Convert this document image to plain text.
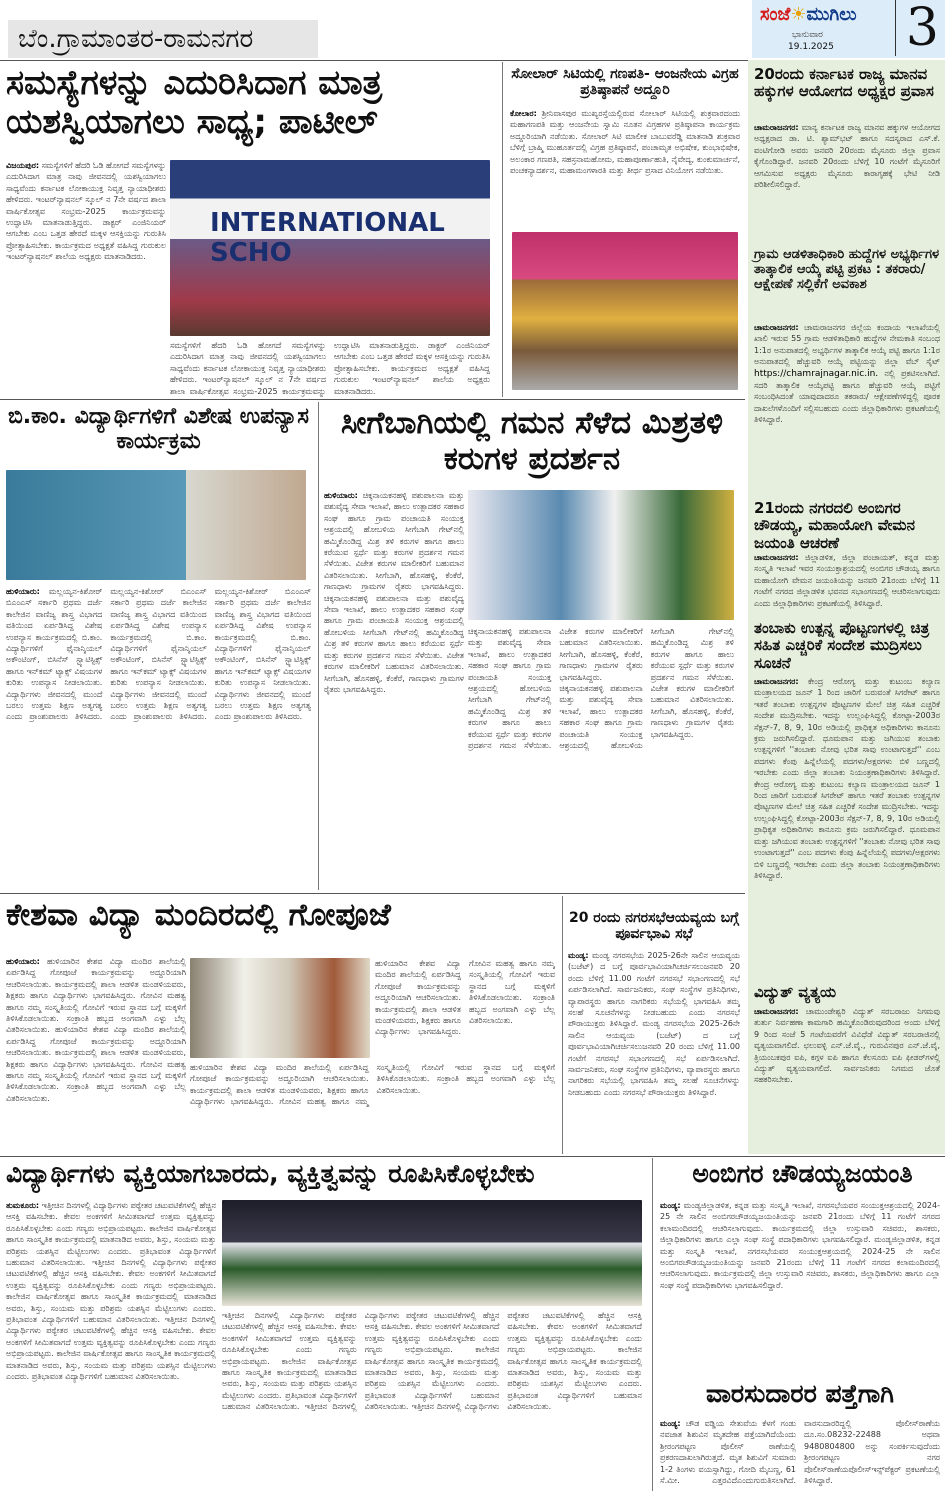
ಬೆಂ.ಗ್ರಾಮಾಂತರ-ರಾಮನಗರ
ಸಂಜೆ☀ಮುಗಿಲು
ಭಾನುವಾರ
19.1.2025 3
ಸಮಸ್ಯೆಗಳನ್ನು ಎದುರಿಸಿದಾಗ ಮಾತ್ರ ಯಶಸ್ವಿಯಾಗಲು ಸಾಧ್ಯ; ಪಾಟೀಲ್
ವಿಜಯಪುರ: ಸಮಸ್ಯೆಗಳಿಗೆ ಹೆದರಿ ಓಡಿ ಹೋಗದೆ ಸಮಸ್ಯೆಗಳನ್ನು ಎದುರಿಸಿದಾಗ ಮಾತ್ರ ನಾವು ಜೀವನದಲ್ಲಿ ಯಶಸ್ವಿಯಾಗಲು ಸಾಧ್ಯವೆಂದು ಕರ್ನಾಟಕ ಲೋಕಾಯುಕ್ತ ನಿವೃತ್ತ ನ್ಯಾಯಾಧೀಶರು ಹೇಳಿದರು. ಇಂಟರ್‌ನ್ಯಾಷನಲ್ ಸ್ಕೂಲ್ ನ 7ನೇ ವರ್ಷದ ಶಾಲಾ ವಾರ್ಷಿಕೋತ್ಸವ ಸಂಭ್ರಮ-2025 ಕಾರ್ಯಕ್ರಮವನ್ನು ಉದ್ಘಾಟಿಸಿ ಮಾತನಾಡುತ್ತಿದ್ದರು. ಡಾಕ್ಟರ್ ಎಂಜಿನಿಯರ್ ಆಗಬೇಕು ಎಂಬ ಒತ್ತಡ ಹೇರದೆ ಮಕ್ಕಳ ಆಸಕ್ತಿಯನ್ನು ಗುರುತಿಸಿ ಪ್ರೋತ್ಸಾಹಿಸಬೇಕು. ಕಾರ್ಯಕ್ರಮದ ಅಧ್ಯಕ್ಷತೆ ವಹಿಸಿದ್ದ ಗುರುಕುಲ ಇಂಟರ್‌ನ್ಯಾಷನಲ್ ಶಾಲೆಯ ಅಧ್ಯಕ್ಷರು ಮಾತನಾಡಿದರು.
INTERNATIONAL SCHO
ಸಮಸ್ಯೆಗಳಿಗೆ ಹೆದರಿ ಓಡಿ ಹೋಗದೆ ಸಮಸ್ಯೆಗಳನ್ನು ಎದುರಿಸಿದಾಗ ಮಾತ್ರ ನಾವು ಜೀವನದಲ್ಲಿ ಯಶಸ್ವಿಯಾಗಲು ಸಾಧ್ಯವೆಂದು ಕರ್ನಾಟಕ ಲೋಕಾಯುಕ್ತ ನಿವೃತ್ತ ನ್ಯಾಯಾಧೀಶರು ಹೇಳಿದರು. ಇಂಟರ್‌ನ್ಯಾಷನಲ್ ಸ್ಕೂಲ್ ನ 7ನೇ ವರ್ಷದ ಶಾಲಾ ವಾರ್ಷಿಕೋತ್ಸವ ಸಂಭ್ರಮ-2025 ಕಾರ್ಯಕ್ರಮವನ್ನು ಉದ್ಘಾಟಿಸಿ ಮಾತನಾಡುತ್ತಿದ್ದರು. ಡಾಕ್ಟರ್ ಎಂಜಿನಿಯರ್ ಆಗಬೇಕು ಎಂಬ ಒತ್ತಡ ಹೇರದೆ ಮಕ್ಕಳ ಆಸಕ್ತಿಯನ್ನು ಗುರುತಿಸಿ ಪ್ರೋತ್ಸಾಹಿಸಬೇಕು. ಕಾರ್ಯಕ್ರಮದ ಅಧ್ಯಕ್ಷತೆ ವಹಿಸಿದ್ದ ಗುರುಕುಲ ಇಂಟರ್‌ನ್ಯಾಷನಲ್ ಶಾಲೆಯ ಅಧ್ಯಕ್ಷರು ಮಾತನಾಡಿದರು.
ಸೋಲಾರ್ ಸಿಟಿಯಲ್ಲಿ ಗಣಪತಿ- ಆಂಜನೇಯ ವಿಗ್ರಹ ಪ್ರತಿಷ್ಠಾಪನೆ ಅದ್ದೂರಿ
ಕೋಲಾರ: ಶ್ರೀನಿವಾಸಪುರ ಮುಖ್ಯರಸ್ತೆಯಲ್ಲಿರುವ ಸೋಲಾರ್ ಸಿಟಿಯಲ್ಲಿ ಶುಕ್ರವಾರದಂದು ಮಹಾಗಣಪತಿ ಮತ್ತು ಆಂಜನೇಯ ಸ್ವಾಮಿ ನೂತನ ವಿಗ್ರಹಗಳ ಪ್ರತಿಷ್ಠಾಪನಾ ಕಾರ್ಯಕ್ರಮ ಅದ್ದೂರಿಯಾಗಿ ನಡೆಯಿತು. ಸೋಲಾರ್ ಸಿಟಿ ಮಾಲೀಕ ಬಾಬುವರೆಡ್ಡಿ ಮಾತನಾಡಿ ಶುಕ್ರವಾರ ಬೆಳಿಗ್ಗೆ ಬ್ರಾಹ್ಮಿ ಮುಹೂರ್ತದಲ್ಲಿ ವಿಗ್ರಹ ಪ್ರತಿಷ್ಠಾಪನೆ, ಪಂಚಾಮೃತ ಅಭಿಷೇಕ, ಕುಂಭಾಭಿಷೇಕ, ಅಲಂಕಾರ ಗಣಪತಿ, ಸಹಸ್ರನಾಮಹೋಮ, ಮಹಾಪೂರ್ಣಾಹುತಿ, ನೈವೇದ್ಯ, ಕುಂಕುಮಾರ್ಚನೆ, ಪಂಚಕನ್ಯಾದರ್ಶನ, ಮಹಾಮಂಗಳಾರತಿ ಮತ್ತು ತೀರ್ಥ ಪ್ರಸಾದ ವಿನಿಯೋಗ ನಡೆಯಿತು.
20ರಂದು ಕರ್ನಾಟಕ ರಾಜ್ಯ ಮಾನವ ಹಕ್ಕುಗಳ ಆಯೋಗದ ಅಧ್ಯಕ್ಷರ ಪ್ರವಾಸ
ಚಾಮರಾಜನಗರ: ಮಾನ್ಯ ಕರ್ನಾಟಕ ರಾಜ್ಯ ಮಾನವ ಹಕ್ಕುಗಳ ಆಯೋಗದ ಅಧ್ಯಕ್ಷರಾದ ಡಾ. ಟಿ. ಶ್ಯಾಮ್‌ಭಟ್ ಹಾಗೂ ಸದಸ್ಯರಾದ ಎಸ್.ಕೆ. ವಂಟಿಗೋಡಿ ಅವರು ಜನವರಿ 20ರಂದು ಮೈಸೂರು ಜಿಲ್ಲಾ ಪ್ರವಾಸ ಕೈಗೊಂಡಿದ್ದಾರೆ. ಜನವರಿ 20ರಂದು ಬೆಳಿಗ್ಗೆ 10 ಗಂಟೆಗೆ ಮೈಸೂರಿಗೆ ಆಗಮಿಸುವ ಅಧ್ಯಕ್ಷರು ಮೈಸೂರು ಕಾರಾಗೃಹಕ್ಕೆ ಭೇಟಿ ನೀಡಿ ಪರಿಶೀಲಿಸಲಿದ್ದಾರೆ.
ಗ್ರಾಮ ಆಡಳಿತಾಧಿಕಾರಿ ಹುದ್ದೆಗಳ ಅಭ್ಯರ್ಥಿಗಳ ತಾತ್ಕಾಲಿಕ ಆಯ್ಕೆ ಪಟ್ಟಿ ಪ್ರಕಟ : ತಕರಾರು/ ಆಕ್ಷೇಪಣೆ ಸಲ್ಲಿಕೆಗೆ ಅವಕಾಶ
ಚಾಮರಾಜನಗರ: ಚಾಮರಾಜನಗರ ಜಿಲ್ಲೆಯ ಕಂದಾಯ ಇಲಾಖೆಯಲ್ಲಿ ಖಾಲಿ ಇರುವ 55 ಗ್ರಾಮ ಆಡಳಿತಾಧಿಕಾರಿ ಹುದ್ದೆಗಳ ನೇಮಕಾತಿ ಸಂಬಂಧ 1:1ರ ಅನುಪಾತದಲ್ಲಿ ಅಭ್ಯರ್ಥಿಗಳ ತಾತ್ಕಾಲಿಕ ಆಯ್ಕೆ ಪಟ್ಟಿ ಹಾಗೂ 1:1ರ ಅನುಪಾತದಲ್ಲಿ ಹೆಚ್ಚುವರಿ ಆಯ್ಕೆ ಪಟ್ಟಿಯನ್ನು ಜಿಲ್ಲಾ ವೆಬ್ ಸೈಟ್ https://chamrajnagar.nic.in. ನಲ್ಲಿ ಪ್ರಕಟಿಸಲಾಗಿದೆ. ಸದರಿ ತಾತ್ಕಾಲಿಕ ಆಯ್ಕೆಪಟ್ಟಿ ಹಾಗೂ ಹೆಚ್ಚುವರಿ ಆಯ್ಕೆ ಪಟ್ಟಿಗೆ ಸಂಬಂಧಿಸಿದಂತೆ ಯಾವುದಾದರೂ ತಕರಾರು/ ಆಕ್ಷೇಪಣೆಗಳಿದ್ದಲ್ಲಿ ಪೂರಕ ದಾಖಲೆಗಳೊಂದಿಗೆ ಸಲ್ಲಿಸಬಹುದು ಎಂದು ಜಿಲ್ಲಾಧಿಕಾರಿಗಳು ಪ್ರಕಟಣೆಯಲ್ಲಿ ತಿಳಿಸಿದ್ದಾರೆ.
21ರಂದು ನಗರದಲಿ ಅಂಬಿಗರ ಚೌಡಯ್ಯ, ಮಹಾಯೋಗಿ ವೇಮನ ಜಯಂತಿ ಆಚರಣೆ
ಚಾಮರಾಜನಗರ: ಜಿಲ್ಲಾಡಳಿತ, ಜಿಲ್ಲಾ ಪಂಚಾಯತ್, ಕನ್ನಡ ಮತ್ತು ಸಂಸ್ಕೃತಿ ಇಲಾಖೆ ಇವರ ಸಂಯುಕ್ತಾಶ್ರಯದಲ್ಲಿ ಅಂಬಿಗರ ಚೌಡಯ್ಯ ಹಾಗೂ ಮಹಾಯೋಗಿ ವೇಮನ ಜಯಂತಿಯನ್ನು ಜನವರಿ 21ರಂದು ಬೆಳಿಗ್ಗೆ 11 ಗಂಟೆಗೆ ನಗರದ ಜಿಲ್ಲಾಡಳಿತ ಭವನದ ಸಭಾಂಗಣದಲ್ಲಿ ಆಚರಿಸಲಾಗುವುದು ಎಂದು ಜಿಲ್ಲಾಧಿಕಾರಿಗಳು ಪ್ರಕಟಣೆಯಲ್ಲಿ ತಿಳಿಸಿದ್ದಾರೆ.
ತಂಬಾಕು ಉತ್ಪನ್ನ ಪೊಟ್ಟಣಗಳಲ್ಲಿ ಚಿತ್ರ ಸಹಿತ ಎಚ್ಚರಿಕೆ ಸಂದೇಶ ಮುದ್ರಿಸಲು ಸೂಚನೆ
ಚಾಮರಾಜನಗರ: ಕೇಂದ್ರ ಆರೋಗ್ಯ ಮತ್ತು ಕುಟುಂಬ ಕಲ್ಯಾಣ ಮಂತ್ರಾಲಯದ ಜೂನ್ 1 ರಿಂದ ಜಾರಿಗೆ ಬರುವಂತೆ ಸಿಗರೇಟ್ ಹಾಗೂ ಇತರೆ ತಂಬಾಕು ಉತ್ಪನ್ನಗಳ ಪೊಟ್ಟಣಗಳ ಮೇಲೆ ಚಿತ್ರ ಸಹಿತ ಎಚ್ಚರಿಕೆ ಸಂದೇಶ ಮುದ್ರಿಸಬೇಕು. ಇದನ್ನು ಉಲ್ಲಂಘಿಸಿದ್ದಲ್ಲಿ ಕೋಟ್ಪಾ-2003ರ ಸೆಕ್ಷನ್-7, 8, 9, 10ರ ಅಡಿಯಲ್ಲಿ ಪ್ರಾಧಿಕೃತ ಅಧಿಕಾರಿಗಳು ಕಾನೂನು ಕ್ರಮ ಜರುಗಿಸಲಿದ್ದಾರೆ. ಧೂಮಪಾನ ಮತ್ತು ಜಗಿಯುವ ತಂಬಾಕು ಉತ್ಪನ್ನಗಳಿಗೆ ''ತಂಬಾಕು ನೋವು ಭರಿತ ಸಾವು ಉಂಟಾಗುತ್ತದೆ'' ಎಂಬ ಪದಗಳು ಕೆಂಪು ಹಿನ್ನೆಲೆಯಲ್ಲಿ ಪದಗಳು/ಅಕ್ಷರಗಳು ಬಿಳಿ ಬಣ್ಣದಲ್ಲಿ ಇರಬೇಕು ಎಂದು ಜಿಲ್ಲಾ ತಂಬಾಕು ನಿಯಂತ್ರಣಾಧಿಕಾರಿಗಳು ತಿಳಿಸಿದ್ದಾರೆ. ಕೇಂದ್ರ ಆರೋಗ್ಯ ಮತ್ತು ಕುಟುಂಬ ಕಲ್ಯಾಣ ಮಂತ್ರಾಲಯದ ಜೂನ್ 1 ರಿಂದ ಜಾರಿಗೆ ಬರುವಂತೆ ಸಿಗರೇಟ್ ಹಾಗೂ ಇತರೆ ತಂಬಾಕು ಉತ್ಪನ್ನಗಳ ಪೊಟ್ಟಣಗಳ ಮೇಲೆ ಚಿತ್ರ ಸಹಿತ ಎಚ್ಚರಿಕೆ ಸಂದೇಶ ಮುದ್ರಿಸಬೇಕು. ಇದನ್ನು ಉಲ್ಲಂಘಿಸಿದ್ದಲ್ಲಿ ಕೋಟ್ಪಾ-2003ರ ಸೆಕ್ಷನ್-7, 8, 9, 10ರ ಅಡಿಯಲ್ಲಿ ಪ್ರಾಧಿಕೃತ ಅಧಿಕಾರಿಗಳು ಕಾನೂನು ಕ್ರಮ ಜರುಗಿಸಲಿದ್ದಾರೆ. ಧೂಮಪಾನ ಮತ್ತು ಜಗಿಯುವ ತಂಬಾಕು ಉತ್ಪನ್ನಗಳಿಗೆ ''ತಂಬಾಕು ನೋವು ಭರಿತ ಸಾವು ಉಂಟಾಗುತ್ತದೆ'' ಎಂಬ ಪದಗಳು ಕೆಂಪು ಹಿನ್ನೆಲೆಯಲ್ಲಿ ಪದಗಳು/ಅಕ್ಷರಗಳು ಬಿಳಿ ಬಣ್ಣದಲ್ಲಿ ಇರಬೇಕು ಎಂದು ಜಿಲ್ಲಾ ತಂಬಾಕು ನಿಯಂತ್ರಣಾಧಿಕಾರಿಗಳು ತಿಳಿಸಿದ್ದಾರೆ.
ವಿದ್ಯುತ್ ವ್ಯತ್ಯಯ
ಚಾಮರಾಜನಗರ: ಚಾಮುಂಡೇಶ್ವರಿ ವಿದ್ಯುತ್ ಸರಬರಾಜು ನಿಗಮವು ತುರ್ತು ನಿರ್ವಹಣಾ ಕಾಮಗಾರಿ ಹಮ್ಮಿಕೊಂಡಿರುವುದರಿಂದ ಅಂದು ಬೆಳಿಗ್ಗೆ 9 ರಿಂದ ಸಂಜೆ 5 ಗಂಟೆಯವರೆಗೆ ವಿವಿಧೆಡೆ ವಿದ್ಯುತ್ ಸರಬರಾಜಿನಲ್ಲಿ ವ್ಯತ್ಯಯವಾಗಲಿದೆ. ಛಲುವಳ್ಳಿ ಎನ್.ಜೆ.ವೈ., ಗುರುವಿನಪುರ ಎನ್.ಜೆ.ವೈ, ತ್ರಿಯಂಬಕಪುರ ಐಪಿ, ಕಗ್ಗಳ ಐಪಿ ಹಾಗೂ ಕೆಲಸೂರು ಐಪಿ ಫೀಡರ್‌ಗಳಲ್ಲಿ ವಿದ್ಯುತ್ ವ್ಯತ್ಯಯವಾಗಲಿದೆ. ಸಾರ್ವಜನಿಕರು ನಿಗಮದ ಜೊತೆ ಸಹಕರಿಸಬೇಕು.
ಬಿ.ಕಾಂ. ವಿದ್ಯಾರ್ಥಿಗಳಿಗೆ ವಿಶೇಷ ಉಪನ್ಯಾಸ ಕಾರ್ಯಕ್ರಮ
ಹುಳಿಯಾರು: ಮಲ್ಲಯ್ಯನ-ಕಿಶೋರ್ ಬಿಎಂಎಸ್ ಸರ್ಕಾರಿ ಪ್ರಥಮ ದರ್ಜೆ ಕಾಲೇಜಿನ ವಾಣಿಜ್ಯ ಶಾಸ್ತ್ರ ವಿಭಾಗದ ವತಿಯಿಂದ ಏರ್ಪಡಿಸಿದ್ದ ವಿಶೇಷ ಉಪನ್ಯಾಸ ಕಾರ್ಯಕ್ರಮದಲ್ಲಿ ಬಿ.ಕಾಂ. ವಿದ್ಯಾರ್ಥಿಗಳಿಗೆ ಫೈನಾನ್ಶಿಯಲ್ ಅಕೌಂಟಿಂಗ್, ಬಿಸಿನೆಸ್ ಸ್ಟ್ಯಾಟಿಸ್ಟಿಕ್ಸ್ ಹಾಗೂ ಇನ್‌ಕಮ್ ಟ್ಯಾಕ್ಸ್ ವಿಷಯಗಳ ಕುರಿತು ಉಪನ್ಯಾಸ ನೀಡಲಾಯಿತು. ವಿದ್ಯಾರ್ಥಿಗಳು ಜೀವನದಲ್ಲಿ ಮುಂದೆ ಬರಲು ಉತ್ತಮ ಶಿಕ್ಷಣ ಅತ್ಯಗತ್ಯ ಎಂದು ಪ್ರಾಂಶುಪಾಲರು ತಿಳಿಸಿದರು. ಮಲ್ಲಯ್ಯನ-ಕಿಶೋರ್ ಬಿಎಂಎಸ್ ಸರ್ಕಾರಿ ಪ್ರಥಮ ದರ್ಜೆ ಕಾಲೇಜಿನ ವಾಣಿಜ್ಯ ಶಾಸ್ತ್ರ ವಿಭಾಗದ ವತಿಯಿಂದ ಏರ್ಪಡಿಸಿದ್ದ ವಿಶೇಷ ಉಪನ್ಯಾಸ ಕಾರ್ಯಕ್ರಮದಲ್ಲಿ ಬಿ.ಕಾಂ. ವಿದ್ಯಾರ್ಥಿಗಳಿಗೆ ಫೈನಾನ್ಶಿಯಲ್ ಅಕೌಂಟಿಂಗ್, ಬಿಸಿನೆಸ್ ಸ್ಟ್ಯಾಟಿಸ್ಟಿಕ್ಸ್ ಹಾಗೂ ಇನ್‌ಕಮ್ ಟ್ಯಾಕ್ಸ್ ವಿಷಯಗಳ ಕುರಿತು ಉಪನ್ಯಾಸ ನೀಡಲಾಯಿತು. ವಿದ್ಯಾರ್ಥಿಗಳು ಜೀವನದಲ್ಲಿ ಮುಂದೆ ಬರಲು ಉತ್ತಮ ಶಿಕ್ಷಣ ಅತ್ಯಗತ್ಯ ಎಂದು ಪ್ರಾಂಶುಪಾಲರು ತಿಳಿಸಿದರು. ಮಲ್ಲಯ್ಯನ-ಕಿಶೋರ್ ಬಿಎಂಎಸ್ ಸರ್ಕಾರಿ ಪ್ರಥಮ ದರ್ಜೆ ಕಾಲೇಜಿನ ವಾಣಿಜ್ಯ ಶಾಸ್ತ್ರ ವಿಭಾಗದ ವತಿಯಿಂದ ಏರ್ಪಡಿಸಿದ್ದ ವಿಶೇಷ ಉಪನ್ಯಾಸ ಕಾರ್ಯಕ್ರಮದಲ್ಲಿ ಬಿ.ಕಾಂ. ವಿದ್ಯಾರ್ಥಿಗಳಿಗೆ ಫೈನಾನ್ಶಿಯಲ್ ಅಕೌಂಟಿಂಗ್, ಬಿಸಿನೆಸ್ ಸ್ಟ್ಯಾಟಿಸ್ಟಿಕ್ಸ್ ಹಾಗೂ ಇನ್‌ಕಮ್ ಟ್ಯಾಕ್ಸ್ ವಿಷಯಗಳ ಕುರಿತು ಉಪನ್ಯಾಸ ನೀಡಲಾಯಿತು. ವಿದ್ಯಾರ್ಥಿಗಳು ಜೀವನದಲ್ಲಿ ಮುಂದೆ ಬರಲು ಉತ್ತಮ ಶಿಕ್ಷಣ ಅತ್ಯಗತ್ಯ ಎಂದು ಪ್ರಾಂಶುಪಾಲರು ತಿಳಿಸಿದರು.
ಸೀಗೆಬಾಗಿಯಲ್ಲಿ ಗಮನ ಸೆಳೆದ ಮಿಶ್ರತಳಿ ಕರುಗಳ ಪ್ರದರ್ಶನ
ಹುಳಿಯಾರು: ಚಿಕ್ಕನಾಯಕನಹಳ್ಳಿ ಪಶುಪಾಲನಾ ಮತ್ತು ಪಶುವೈದ್ಯ ಸೇವಾ ಇಲಾಖೆ, ಹಾಲು ಉತ್ಪಾದಕರ ಸಹಕಾರ ಸಂಘ ಹಾಗೂ ಗ್ರಾಮ ಪಂಚಾಯತಿ ಸಂಯುಕ್ತ ಆಶ್ರಯದಲ್ಲಿ ಹೋಬಳಿಯ ಸೀಗೆಬಾಗಿ ಗೇಟ್‌ನಲ್ಲಿ ಹಮ್ಮಿಕೊಂಡಿದ್ದ ಮಿಶ್ರ ತಳಿ ಕರುಗಳ ಹಾಗೂ ಹಾಲು ಕರೆಯುವ ಸ್ಪರ್ಧೆ ಮತ್ತು ಕರುಗಳ ಪ್ರದರ್ಶನ ಗಮನ ಸೆಳೆಯಿತು. ವಿಜೇತ ಕರುಗಳ ಮಾಲೀಕರಿಗೆ ಬಹುಮಾನ ವಿತರಿಸಲಾಯಿತು. ಸೀಗೆಬಾಗಿ, ಹೊಸಹಳ್ಳಿ, ಕೆಂಕೆರೆ, ಗಾಣಧಾಳು ಗ್ರಾಮಗಳ ರೈತರು ಭಾಗವಹಿಸಿದ್ದರು. ಚಿಕ್ಕನಾಯಕನಹಳ್ಳಿ ಪಶುಪಾಲನಾ ಮತ್ತು ಪಶುವೈದ್ಯ ಸೇವಾ ಇಲಾಖೆ, ಹಾಲು ಉತ್ಪಾದಕರ ಸಹಕಾರ ಸಂಘ ಹಾಗೂ ಗ್ರಾಮ ಪಂಚಾಯತಿ ಸಂಯುಕ್ತ ಆಶ್ರಯದಲ್ಲಿ ಹೋಬಳಿಯ ಸೀಗೆಬಾಗಿ ಗೇಟ್‌ನಲ್ಲಿ ಹಮ್ಮಿಕೊಂಡಿದ್ದ ಮಿಶ್ರ ತಳಿ ಕರುಗಳ ಹಾಗೂ ಹಾಲು ಕರೆಯುವ ಸ್ಪರ್ಧೆ ಮತ್ತು ಕರುಗಳ ಪ್ರದರ್ಶನ ಗಮನ ಸೆಳೆಯಿತು. ವಿಜೇತ ಕರುಗಳ ಮಾಲೀಕರಿಗೆ ಬಹುಮಾನ ವಿತರಿಸಲಾಯಿತು. ಸೀಗೆಬಾಗಿ, ಹೊಸಹಳ್ಳಿ, ಕೆಂಕೆರೆ, ಗಾಣಧಾಳು ಗ್ರಾಮಗಳ ರೈತರು ಭಾಗವಹಿಸಿದ್ದರು.
ಚಿಕ್ಕನಾಯಕನಹಳ್ಳಿ ಪಶುಪಾಲನಾ ಮತ್ತು ಪಶುವೈದ್ಯ ಸೇವಾ ಇಲಾಖೆ, ಹಾಲು ಉತ್ಪಾದಕರ ಸಹಕಾರ ಸಂಘ ಹಾಗೂ ಗ್ರಾಮ ಪಂಚಾಯತಿ ಸಂಯುಕ್ತ ಆಶ್ರಯದಲ್ಲಿ ಹೋಬಳಿಯ ಸೀಗೆಬಾಗಿ ಗೇಟ್‌ನಲ್ಲಿ ಹಮ್ಮಿಕೊಂಡಿದ್ದ ಮಿಶ್ರ ತಳಿ ಕರುಗಳ ಹಾಗೂ ಹಾಲು ಕರೆಯುವ ಸ್ಪರ್ಧೆ ಮತ್ತು ಕರುಗಳ ಪ್ರದರ್ಶನ ಗಮನ ಸೆಳೆಯಿತು. ವಿಜೇತ ಕರುಗಳ ಮಾಲೀಕರಿಗೆ ಬಹುಮಾನ ವಿತರಿಸಲಾಯಿತು. ಸೀಗೆಬಾಗಿ, ಹೊಸಹಳ್ಳಿ, ಕೆಂಕೆರೆ, ಗಾಣಧಾಳು ಗ್ರಾಮಗಳ ರೈತರು ಭಾಗವಹಿಸಿದ್ದರು. ಚಿಕ್ಕನಾಯಕನಹಳ್ಳಿ ಪಶುಪಾಲನಾ ಮತ್ತು ಪಶುವೈದ್ಯ ಸೇವಾ ಇಲಾಖೆ, ಹಾಲು ಉತ್ಪಾದಕರ ಸಹಕಾರ ಸಂಘ ಹಾಗೂ ಗ್ರಾಮ ಪಂಚಾಯತಿ ಸಂಯುಕ್ತ ಆಶ್ರಯದಲ್ಲಿ ಹೋಬಳಿಯ ಸೀಗೆಬಾಗಿ ಗೇಟ್‌ನಲ್ಲಿ ಹಮ್ಮಿಕೊಂಡಿದ್ದ ಮಿಶ್ರ ತಳಿ ಕರುಗಳ ಹಾಗೂ ಹಾಲು ಕರೆಯುವ ಸ್ಪರ್ಧೆ ಮತ್ತು ಕರುಗಳ ಪ್ರದರ್ಶನ ಗಮನ ಸೆಳೆಯಿತು. ವಿಜೇತ ಕರುಗಳ ಮಾಲೀಕರಿಗೆ ಬಹುಮಾನ ವಿತರಿಸಲಾಯಿತು. ಸೀಗೆಬಾಗಿ, ಹೊಸಹಳ್ಳಿ, ಕೆಂಕೆರೆ, ಗಾಣಧಾಳು ಗ್ರಾಮಗಳ ರೈತರು ಭಾಗವಹಿಸಿದ್ದರು.
ಕೇಶವಾ ವಿದ್ಯಾ ಮಂದಿರದಲ್ಲಿ ಗೋಪೂಜೆ
ಹುಳಿಯಾರು: ಹುಳಿಯಾರಿನ ಕೇಶವ ವಿದ್ಯಾ ಮಂದಿರ ಶಾಲೆಯಲ್ಲಿ ಏರ್ಪಡಿಸಿದ್ದ ಗೋಪೂಜೆ ಕಾರ್ಯಕ್ರಮವನ್ನು ಅದ್ದೂರಿಯಾಗಿ ಆಚರಿಸಲಾಯಿತು. ಕಾರ್ಯಕ್ರಮದಲ್ಲಿ ಶಾಲಾ ಆಡಳಿತ ಮಂಡಳಿಯವರು, ಶಿಕ್ಷಕರು ಹಾಗೂ ವಿದ್ಯಾರ್ಥಿಗಳು ಭಾಗವಹಿಸಿದ್ದರು. ಗೋವಿನ ಮಹತ್ವ ಹಾಗೂ ನಮ್ಮ ಸಂಸ್ಕೃತಿಯಲ್ಲಿ ಗೋವಿಗೆ ಇರುವ ಸ್ಥಾನದ ಬಗ್ಗೆ ಮಕ್ಕಳಿಗೆ ತಿಳಿಸಿಕೊಡಲಾಯಿತು. ಸಂಕ್ರಾಂತಿ ಹಬ್ಬದ ಅಂಗವಾಗಿ ಎಳ್ಳು ಬೆಲ್ಲ ವಿತರಿಸಲಾಯಿತು. ಹುಳಿಯಾರಿನ ಕೇಶವ ವಿದ್ಯಾ ಮಂದಿರ ಶಾಲೆಯಲ್ಲಿ ಏರ್ಪಡಿಸಿದ್ದ ಗೋಪೂಜೆ ಕಾರ್ಯಕ್ರಮವನ್ನು ಅದ್ದೂರಿಯಾಗಿ ಆಚರಿಸಲಾಯಿತು. ಕಾರ್ಯಕ್ರಮದಲ್ಲಿ ಶಾಲಾ ಆಡಳಿತ ಮಂಡಳಿಯವರು, ಶಿಕ್ಷಕರು ಹಾಗೂ ವಿದ್ಯಾರ್ಥಿಗಳು ಭಾಗವಹಿಸಿದ್ದರು. ಗೋವಿನ ಮಹತ್ವ ಹಾಗೂ ನಮ್ಮ ಸಂಸ್ಕೃತಿಯಲ್ಲಿ ಗೋವಿಗೆ ಇರುವ ಸ್ಥಾನದ ಬಗ್ಗೆ ಮಕ್ಕಳಿಗೆ ತಿಳಿಸಿಕೊಡಲಾಯಿತು. ಸಂಕ್ರಾಂತಿ ಹಬ್ಬದ ಅಂಗವಾಗಿ ಎಳ್ಳು ಬೆಲ್ಲ ವಿತರಿಸಲಾಯಿತು.
ಹುಳಿಯಾರಿನ ಕೇಶವ ವಿದ್ಯಾ ಮಂದಿರ ಶಾಲೆಯಲ್ಲಿ ಏರ್ಪಡಿಸಿದ್ದ ಗೋಪೂಜೆ ಕಾರ್ಯಕ್ರಮವನ್ನು ಅದ್ದೂರಿಯಾಗಿ ಆಚರಿಸಲಾಯಿತು. ಕಾರ್ಯಕ್ರಮದಲ್ಲಿ ಶಾಲಾ ಆಡಳಿತ ಮಂಡಳಿಯವರು, ಶಿಕ್ಷಕರು ಹಾಗೂ ವಿದ್ಯಾರ್ಥಿಗಳು ಭಾಗವಹಿಸಿದ್ದರು. ಗೋವಿನ ಮಹತ್ವ ಹಾಗೂ ನಮ್ಮ ಸಂಸ್ಕೃತಿಯಲ್ಲಿ ಗೋವಿಗೆ ಇರುವ ಸ್ಥಾನದ ಬಗ್ಗೆ ಮಕ್ಕಳಿಗೆ ತಿಳಿಸಿಕೊಡಲಾಯಿತು. ಸಂಕ್ರಾಂತಿ ಹಬ್ಬದ ಅಂಗವಾಗಿ ಎಳ್ಳು ಬೆಲ್ಲ ವಿತರಿಸಲಾಯಿತು.
ಹುಳಿಯಾರಿನ ಕೇಶವ ವಿದ್ಯಾ ಮಂದಿರ ಶಾಲೆಯಲ್ಲಿ ಏರ್ಪಡಿಸಿದ್ದ ಗೋಪೂಜೆ ಕಾರ್ಯಕ್ರಮವನ್ನು ಅದ್ದೂರಿಯಾಗಿ ಆಚರಿಸಲಾಯಿತು. ಕಾರ್ಯಕ್ರಮದಲ್ಲಿ ಶಾಲಾ ಆಡಳಿತ ಮಂಡಳಿಯವರು, ಶಿಕ್ಷಕರು ಹಾಗೂ ವಿದ್ಯಾರ್ಥಿಗಳು ಭಾಗವಹಿಸಿದ್ದರು. ಗೋವಿನ ಮಹತ್ವ ಹಾಗೂ ನಮ್ಮ ಸಂಸ್ಕೃತಿಯಲ್ಲಿ ಗೋವಿಗೆ ಇರುವ ಸ್ಥಾನದ ಬಗ್ಗೆ ಮಕ್ಕಳಿಗೆ ತಿಳಿಸಿಕೊಡಲಾಯಿತು. ಸಂಕ್ರಾಂತಿ ಹಬ್ಬದ ಅಂಗವಾಗಿ ಎಳ್ಳು ಬೆಲ್ಲ ವಿತರಿಸಲಾಯಿತು.
20 ರಂದು ನಗರಸಭೆಆಯವ್ಯಯ ಬಗ್ಗೆ ಪೂರ್ವಭಾವಿ ಸಭೆ
ಮಂಡ್ಯ: ಮಂಡ್ಯ ನಗರಸಭೆಯ 2025-26ನೇ ಸಾಲಿನ ಆಯವ್ಯಯ (ಬಜೆಟ್) ದ ಬಗ್ಗೆ ಪೂರ್ವಭಾವಿಯಾಗಿಚರ್ಚಿಸಲುಜನವರಿ 20 ರಂದು ಬೆಳಿಗ್ಗೆ 11.00 ಗಂಟೆಗೆ ನಗರಸಭೆ ಸಭಾಂಗಣದಲ್ಲಿ ಸಭೆ ಏರ್ಪಡಿಸಲಾಗಿದೆ. ಸಾರ್ವಜನಿಕರು, ಸಂಘ ಸಂಸ್ಥೆಗಳ ಪ್ರತಿನಿಧಿಗಳು, ವ್ಯಾಪಾರಸ್ಥರು ಹಾಗೂ ನಾಗರಿಕರು ಸಭೆಯಲ್ಲಿ ಭಾಗವಹಿಸಿ ತಮ್ಮ ಸಲಹೆ ಸೂಚನೆಗಳನ್ನು ನೀಡಬಹುದು ಎಂದು ನಗರಸಭೆ ಪೌರಾಯುಕ್ತರು ತಿಳಿಸಿದ್ದಾರೆ. ಮಂಡ್ಯ ನಗರಸಭೆಯ 2025-26ನೇ ಸಾಲಿನ ಆಯವ್ಯಯ (ಬಜೆಟ್) ದ ಬಗ್ಗೆ ಪೂರ್ವಭಾವಿಯಾಗಿಚರ್ಚಿಸಲುಜನವರಿ 20 ರಂದು ಬೆಳಿಗ್ಗೆ 11.00 ಗಂಟೆಗೆ ನಗರಸಭೆ ಸಭಾಂಗಣದಲ್ಲಿ ಸಭೆ ಏರ್ಪಡಿಸಲಾಗಿದೆ. ಸಾರ್ವಜನಿಕರು, ಸಂಘ ಸಂಸ್ಥೆಗಳ ಪ್ರತಿನಿಧಿಗಳು, ವ್ಯಾಪಾರಸ್ಥರು ಹಾಗೂ ನಾಗರಿಕರು ಸಭೆಯಲ್ಲಿ ಭಾಗವಹಿಸಿ ತಮ್ಮ ಸಲಹೆ ಸೂಚನೆಗಳನ್ನು ನೀಡಬಹುದು ಎಂದು ನಗರಸಭೆ ಪೌರಾಯುಕ್ತರು ತಿಳಿಸಿದ್ದಾರೆ.
ವಿದ್ಯಾರ್ಥಿಗಳು ವ್ಯಕ್ತಿಯಾಗಬಾರದು, ವ್ಯಕ್ತಿತ್ವವನ್ನು ರೂಪಿಸಿಕೊಳ್ಳಬೇಕು
ತುಮಕೂರು: ಇತ್ತೀಚಿನ ದಿನಗಳಲ್ಲಿ ವಿದ್ಯಾರ್ಥಿಗಳು ಪಠ್ಯೇತರ ಚಟುವಟಿಕೆಗಳಲ್ಲಿ ಹೆಚ್ಚಿನ ಆಸಕ್ತಿ ವಹಿಸಬೇಕು. ಕೇವಲ ಅಂಕಗಳಿಗೆ ಸೀಮಿತವಾಗದೆ ಉತ್ತಮ ವ್ಯಕ್ತಿತ್ವವನ್ನು ರೂಪಿಸಿಕೊಳ್ಳಬೇಕು ಎಂದು ಗಣ್ಯರು ಅಭಿಪ್ರಾಯಪಟ್ಟರು. ಕಾಲೇಜಿನ ವಾರ್ಷಿಕೋತ್ಸವ ಹಾಗೂ ಸಾಂಸ್ಕೃತಿಕ ಕಾರ್ಯಕ್ರಮದಲ್ಲಿ ಮಾತನಾಡಿದ ಅವರು, ಶಿಸ್ತು, ಸಂಯಮ ಮತ್ತು ಪರಿಶ್ರಮ ಯಶಸ್ಸಿನ ಮೆಟ್ಟಿಲುಗಳು ಎಂದರು. ಪ್ರತಿಭಾವಂತ ವಿದ್ಯಾರ್ಥಿಗಳಿಗೆ ಬಹುಮಾನ ವಿತರಿಸಲಾಯಿತು. ಇತ್ತೀಚಿನ ದಿನಗಳಲ್ಲಿ ವಿದ್ಯಾರ್ಥಿಗಳು ಪಠ್ಯೇತರ ಚಟುವಟಿಕೆಗಳಲ್ಲಿ ಹೆಚ್ಚಿನ ಆಸಕ್ತಿ ವಹಿಸಬೇಕು. ಕೇವಲ ಅಂಕಗಳಿಗೆ ಸೀಮಿತವಾಗದೆ ಉತ್ತಮ ವ್ಯಕ್ತಿತ್ವವನ್ನು ರೂಪಿಸಿಕೊಳ್ಳಬೇಕು ಎಂದು ಗಣ್ಯರು ಅಭಿಪ್ರಾಯಪಟ್ಟರು. ಕಾಲೇಜಿನ ವಾರ್ಷಿಕೋತ್ಸವ ಹಾಗೂ ಸಾಂಸ್ಕೃತಿಕ ಕಾರ್ಯಕ್ರಮದಲ್ಲಿ ಮಾತನಾಡಿದ ಅವರು, ಶಿಸ್ತು, ಸಂಯಮ ಮತ್ತು ಪರಿಶ್ರಮ ಯಶಸ್ಸಿನ ಮೆಟ್ಟಿಲುಗಳು ಎಂದರು. ಪ್ರತಿಭಾವಂತ ವಿದ್ಯಾರ್ಥಿಗಳಿಗೆ ಬಹುಮಾನ ವಿತರಿಸಲಾಯಿತು. ಇತ್ತೀಚಿನ ದಿನಗಳಲ್ಲಿ ವಿದ್ಯಾರ್ಥಿಗಳು ಪಠ್ಯೇತರ ಚಟುವಟಿಕೆಗಳಲ್ಲಿ ಹೆಚ್ಚಿನ ಆಸಕ್ತಿ ವಹಿಸಬೇಕು. ಕೇವಲ ಅಂಕಗಳಿಗೆ ಸೀಮಿತವಾಗದೆ ಉತ್ತಮ ವ್ಯಕ್ತಿತ್ವವನ್ನು ರೂಪಿಸಿಕೊಳ್ಳಬೇಕು ಎಂದು ಗಣ್ಯರು ಅಭಿಪ್ರಾಯಪಟ್ಟರು. ಕಾಲೇಜಿನ ವಾರ್ಷಿಕೋತ್ಸವ ಹಾಗೂ ಸಾಂಸ್ಕೃತಿಕ ಕಾರ್ಯಕ್ರಮದಲ್ಲಿ ಮಾತನಾಡಿದ ಅವರು, ಶಿಸ್ತು, ಸಂಯಮ ಮತ್ತು ಪರಿಶ್ರಮ ಯಶಸ್ಸಿನ ಮೆಟ್ಟಿಲುಗಳು ಎಂದರು. ಪ್ರತಿಭಾವಂತ ವಿದ್ಯಾರ್ಥಿಗಳಿಗೆ ಬಹುಮಾನ ವಿತರಿಸಲಾಯಿತು.
ಇತ್ತೀಚಿನ ದಿನಗಳಲ್ಲಿ ವಿದ್ಯಾರ್ಥಿಗಳು ಪಠ್ಯೇತರ ಚಟುವಟಿಕೆಗಳಲ್ಲಿ ಹೆಚ್ಚಿನ ಆಸಕ್ತಿ ವಹಿಸಬೇಕು. ಕೇವಲ ಅಂಕಗಳಿಗೆ ಸೀಮಿತವಾಗದೆ ಉತ್ತಮ ವ್ಯಕ್ತಿತ್ವವನ್ನು ರೂಪಿಸಿಕೊಳ್ಳಬೇಕು ಎಂದು ಗಣ್ಯರು ಅಭಿಪ್ರಾಯಪಟ್ಟರು. ಕಾಲೇಜಿನ ವಾರ್ಷಿಕೋತ್ಸವ ಹಾಗೂ ಸಾಂಸ್ಕೃತಿಕ ಕಾರ್ಯಕ್ರಮದಲ್ಲಿ ಮಾತನಾಡಿದ ಅವರು, ಶಿಸ್ತು, ಸಂಯಮ ಮತ್ತು ಪರಿಶ್ರಮ ಯಶಸ್ಸಿನ ಮೆಟ್ಟಿಲುಗಳು ಎಂದರು. ಪ್ರತಿಭಾವಂತ ವಿದ್ಯಾರ್ಥಿಗಳಿಗೆ ಬಹುಮಾನ ವಿತರಿಸಲಾಯಿತು. ಇತ್ತೀಚಿನ ದಿನಗಳಲ್ಲಿ ವಿದ್ಯಾರ್ಥಿಗಳು ಪಠ್ಯೇತರ ಚಟುವಟಿಕೆಗಳಲ್ಲಿ ಹೆಚ್ಚಿನ ಆಸಕ್ತಿ ವಹಿಸಬೇಕು. ಕೇವಲ ಅಂಕಗಳಿಗೆ ಸೀಮಿತವಾಗದೆ ಉತ್ತಮ ವ್ಯಕ್ತಿತ್ವವನ್ನು ರೂಪಿಸಿಕೊಳ್ಳಬೇಕು ಎಂದು ಗಣ್ಯರು ಅಭಿಪ್ರಾಯಪಟ್ಟರು. ಕಾಲೇಜಿನ ವಾರ್ಷಿಕೋತ್ಸವ ಹಾಗೂ ಸಾಂಸ್ಕೃತಿಕ ಕಾರ್ಯಕ್ರಮದಲ್ಲಿ ಮಾತನಾಡಿದ ಅವರು, ಶಿಸ್ತು, ಸಂಯಮ ಮತ್ತು ಪರಿಶ್ರಮ ಯಶಸ್ಸಿನ ಮೆಟ್ಟಿಲುಗಳು ಎಂದರು. ಪ್ರತಿಭಾವಂತ ವಿದ್ಯಾರ್ಥಿಗಳಿಗೆ ಬಹುಮಾನ ವಿತರಿಸಲಾಯಿತು. ಇತ್ತೀಚಿನ ದಿನಗಳಲ್ಲಿ ವಿದ್ಯಾರ್ಥಿಗಳು ಪಠ್ಯೇತರ ಚಟುವಟಿಕೆಗಳಲ್ಲಿ ಹೆಚ್ಚಿನ ಆಸಕ್ತಿ ವಹಿಸಬೇಕು. ಕೇವಲ ಅಂಕಗಳಿಗೆ ಸೀಮಿತವಾಗದೆ ಉತ್ತಮ ವ್ಯಕ್ತಿತ್ವವನ್ನು ರೂಪಿಸಿಕೊಳ್ಳಬೇಕು ಎಂದು ಗಣ್ಯರು ಅಭಿಪ್ರಾಯಪಟ್ಟರು. ಕಾಲೇಜಿನ ವಾರ್ಷಿಕೋತ್ಸವ ಹಾಗೂ ಸಾಂಸ್ಕೃತಿಕ ಕಾರ್ಯಕ್ರಮದಲ್ಲಿ ಮಾತನಾಡಿದ ಅವರು, ಶಿಸ್ತು, ಸಂಯಮ ಮತ್ತು ಪರಿಶ್ರಮ ಯಶಸ್ಸಿನ ಮೆಟ್ಟಿಲುಗಳು ಎಂದರು. ಪ್ರತಿಭಾವಂತ ವಿದ್ಯಾರ್ಥಿಗಳಿಗೆ ಬಹುಮಾನ ವಿತರಿಸಲಾಯಿತು.
ಅಂಬಿಗರ ಚೌಡಯ್ಯಜಯಂತಿ
ಮಂಡ್ಯ: ಮಂಡ್ಯಜಿಲ್ಲಾಡಳಿತ, ಕನ್ನಡ ಮತ್ತು ಸಂಸ್ಕೃತಿ ಇಲಾಖೆ, ನಗರಸಭೆಯವರ ಸಂಯುಕ್ತಆಶ್ರಯದಲ್ಲಿ 2024-25 ನೇ ಸಾಲಿನ ಅಂಬಿಗರಚೌಡಯ್ಯಜಯಂತಿಯನ್ನು ಜನವರಿ 21ರಂದು ಬೆಳಿಗ್ಗೆ 11 ಗಂಟೆಗೆ ನಗರದ ಕಲಾಮಂದಿರದಲ್ಲಿ ಆಚರಿಸಲಾಗುವುದು. ಕಾರ್ಯಕ್ರಮದಲ್ಲಿ ಜಿಲ್ಲಾ ಉಸ್ತುವಾರಿ ಸಚಿವರು, ಶಾಸಕರು, ಜಿಲ್ಲಾಧಿಕಾರಿಗಳು ಹಾಗೂ ಎಲ್ಲಾ ಸಂಘ ಸಂಸ್ಥೆ ಪದಾಧಿಕಾರಿಗಳು ಭಾಗವಹಿಸಲಿದ್ದಾರೆ. ಮಂಡ್ಯಜಿಲ್ಲಾಡಳಿತ, ಕನ್ನಡ ಮತ್ತು ಸಂಸ್ಕೃತಿ ಇಲಾಖೆ, ನಗರಸಭೆಯವರ ಸಂಯುಕ್ತಆಶ್ರಯದಲ್ಲಿ 2024-25 ನೇ ಸಾಲಿನ ಅಂಬಿಗರಚೌಡಯ್ಯಜಯಂತಿಯನ್ನು ಜನವರಿ 21ರಂದು ಬೆಳಿಗ್ಗೆ 11 ಗಂಟೆಗೆ ನಗರದ ಕಲಾಮಂದಿರದಲ್ಲಿ ಆಚರಿಸಲಾಗುವುದು. ಕಾರ್ಯಕ್ರಮದಲ್ಲಿ ಜಿಲ್ಲಾ ಉಸ್ತುವಾರಿ ಸಚಿವರು, ಶಾಸಕರು, ಜಿಲ್ಲಾಧಿಕಾರಿಗಳು ಹಾಗೂ ಎಲ್ಲಾ ಸಂಘ ಸಂಸ್ಥೆ ಪದಾಧಿಕಾರಿಗಳು ಭಾಗವಹಿಸಲಿದ್ದಾರೆ.
ವಾರಸುದಾರರ ಪತ್ತೆಗಾಗಿ
ಮಂಡ್ಯ: ಚೌಡ ವಡ್ಡಿಯ ಸೇತುವೆಯ ಕೆಳಗೆ ಗಂಡು ನವಜಾತ ಶಿಶುವಿನ ಮೃತದೇಹ ಪತ್ತೆಯಾಗಿದೆಯೆಂದು ಶ್ರೀರಂಗಪಟ್ಟಣ ಪೊಲೀಸ್ ಠಾಣೆಯಲ್ಲಿ ಪ್ರಕರಣದಾಖಲಾಗಿರುತ್ತದೆ. ಮೃತ ಶಿಶುವಿಗೆ ಸುಮಾರು 1-2 ತಿಂಗಳು ವಯಸ್ಸಾಗಿದ್ದು, ಗೋದಿ ಮೈಬಣ್ಣ, 61 ಸೆ.ಮೀ. ಎತ್ತರವಿದೆಎಂದುಗುರುತಿಸಲಾಗಿದೆ. ವಾರಸುದಾರರಿದ್ದಲ್ಲಿ ಪೊಲೀಸ್‌ಠಾಣೆಯ ದೂ.ಸಂ.08232-22488 ಅಥವಾ 9480804800 ಅನ್ನು ಸಂಪರ್ಕಿಸುವುದೆಂದು ಶ್ರೀರಂಗಪಟ್ಟಣ ನಗರ ಪೊಲೀಸ್‌ಠಾಣೆಯಪೊಲೀಸ್‌ಇನ್ಸ್‌ಪೆಕ್ಟರ್ ಪ್ರಕಟಣೆಯಲ್ಲಿ ತಿಳಿಸಿದ್ದಾರೆ.
